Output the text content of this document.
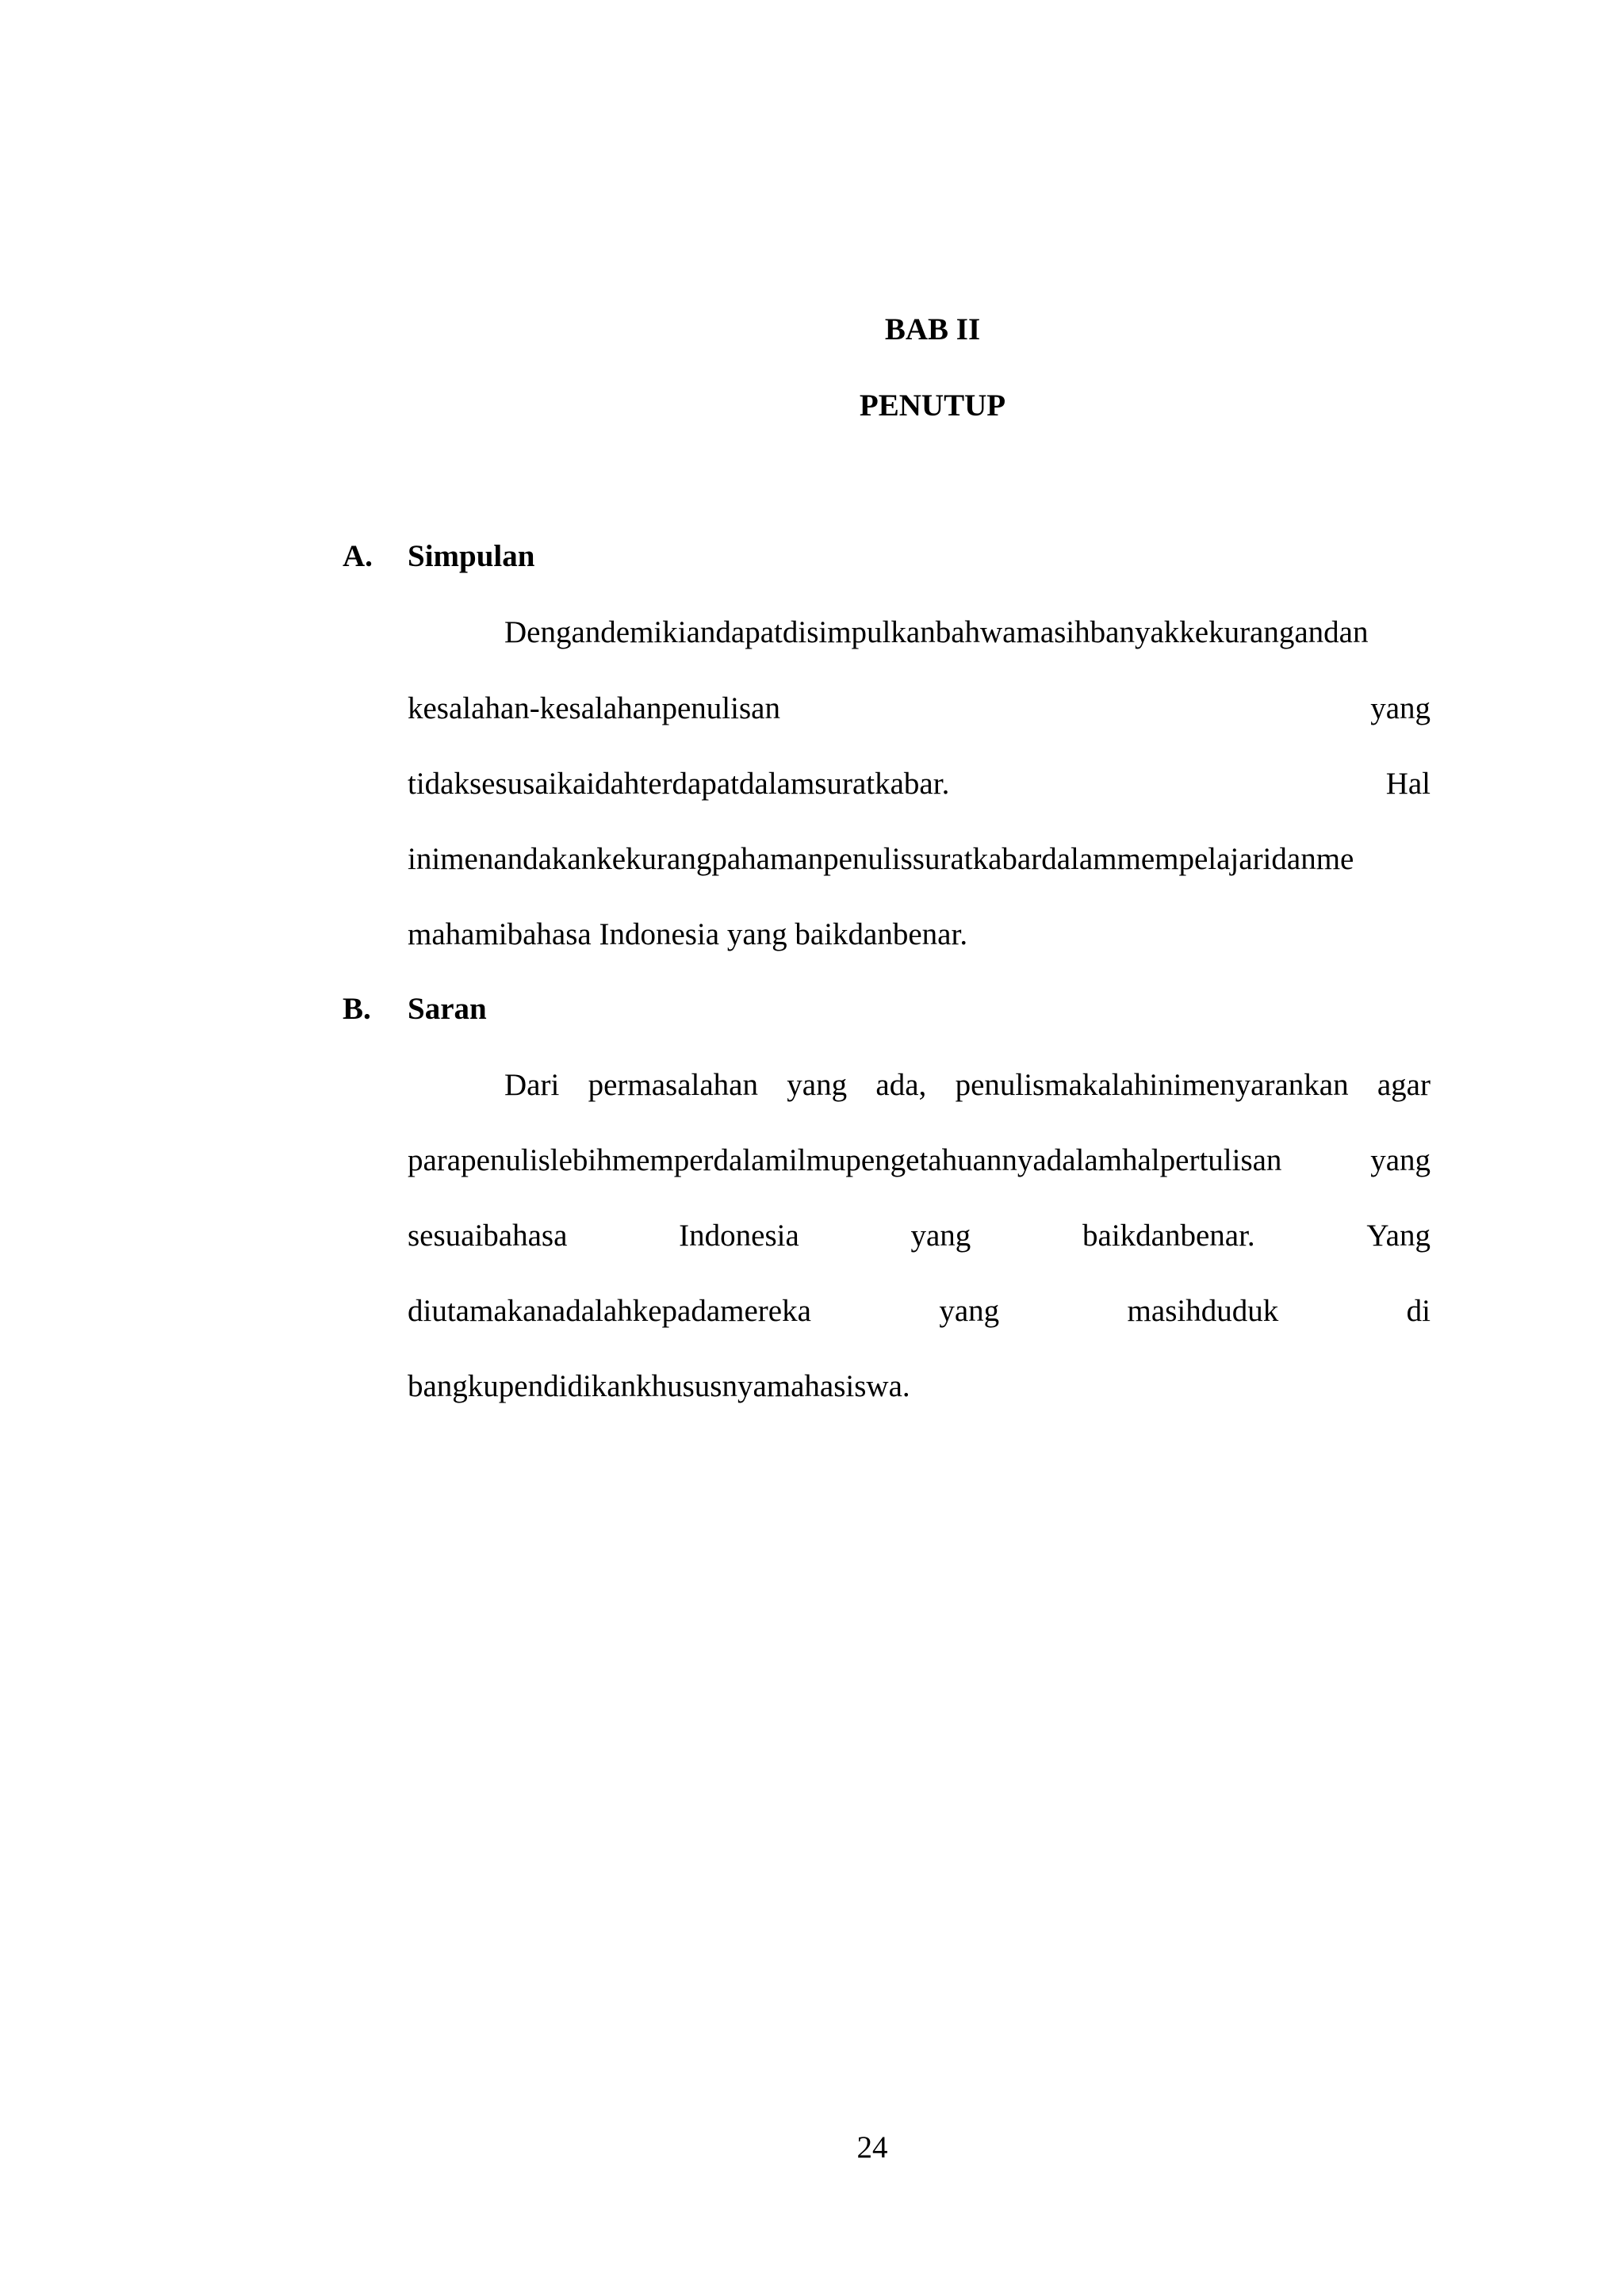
BAB II
PENUTUP
A. Simpulan
Dengandemikiandapatdisimpulkanbahwamasihbanyakkekurangandan
kesalahan-kesalahanpenulisan	yang
tidaksesusaikaidahterdapatdalamsuratkabar.	Hal
inimenandakankekurangpahamanpenulissuratkabardalammempelajaridanme
mahamibahasa Indonesia yang baikdanbenar.
B. Saran
Dari permasalahan yang ada, penulismakalahinimenyarankan agar
parapenulislebihmemperdalamilmupengetahuannyadalamhalpertulisan	yang
sesuaibahasa	Indonesia	yang	baikdanbenar.	Yang
diutamakanadalahkepadamereka	yang	masihduduk	di
bangkupendidikankhususnyamahasiswa.
24
